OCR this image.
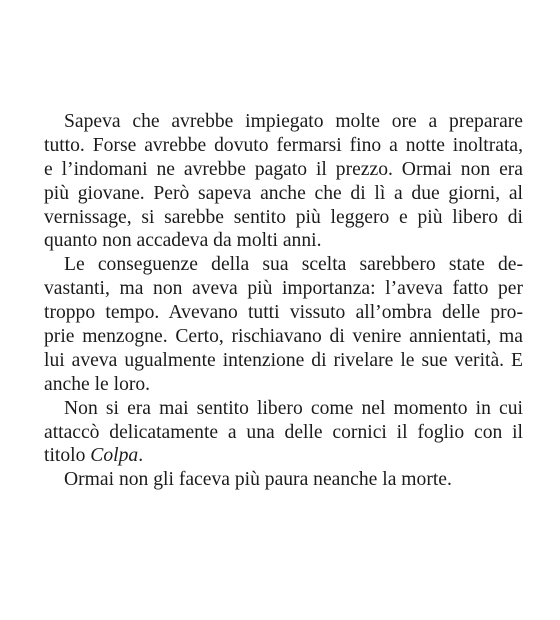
Sapeva che avrebbe impiegato molte ore a preparare
tutto. Forse avrebbe dovuto fermarsi fino a notte inoltrata,
e l’indomani ne avrebbe pagato il prezzo. Ormai non era
più giovane. Però sapeva anche che di lì a due giorni, al
vernissage, si sarebbe sentito più leggero e più libero di
quanto non accadeva da molti anni.
Le conseguenze della sua scelta sarebbero state de-
vastanti, ma non aveva più importanza: l’aveva fatto per
troppo tempo. Avevano tutti vissuto all’ombra delle pro-
prie menzogne. Certo, rischiavano di venire annientati, ma
lui aveva ugualmente intenzione di rivelare le sue verità. E
anche le loro.
Non si era mai sentito libero come nel momento in cui
attaccò delicatamente a una delle cornici il foglio con il
titolo Colpa.
Ormai non gli faceva più paura neanche la morte.
